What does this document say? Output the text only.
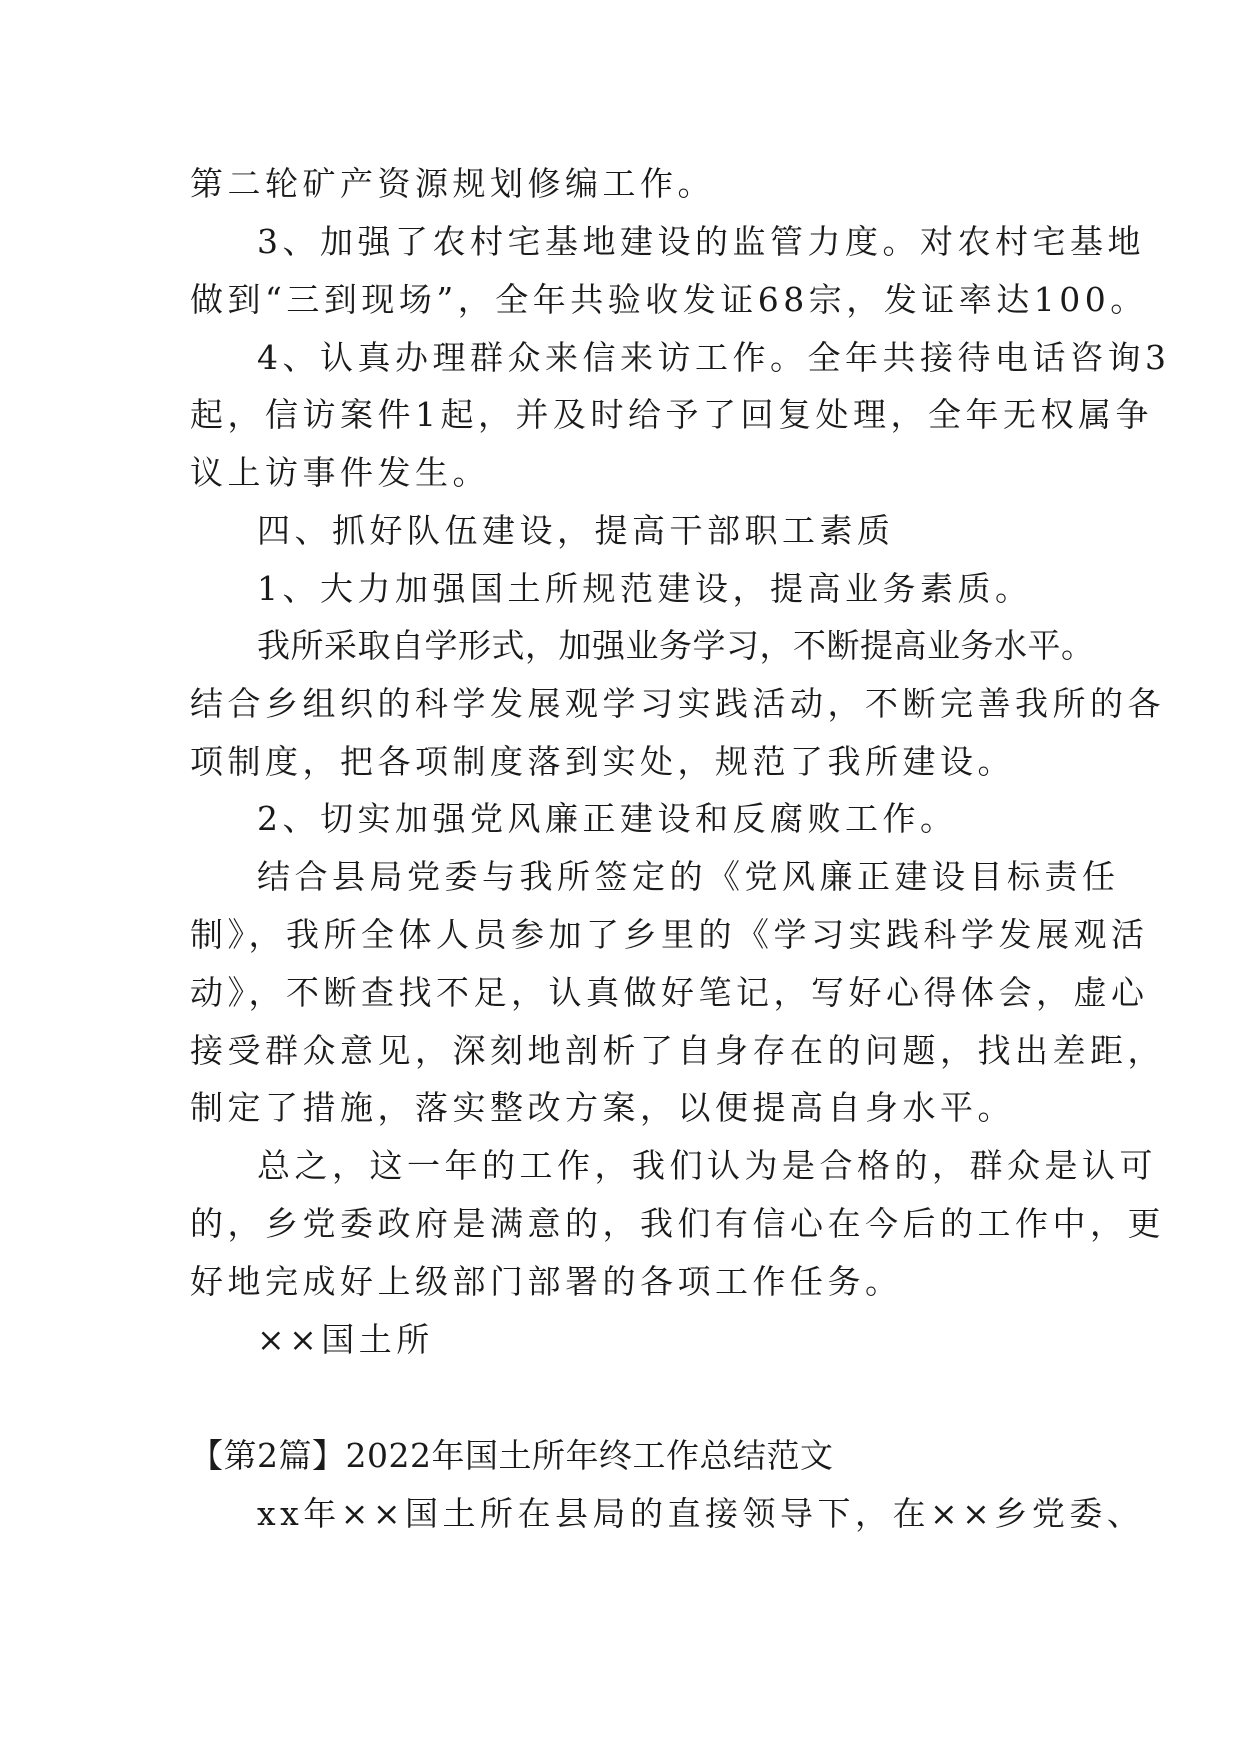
第二轮矿产资源规划修编工作。
3、加强了农村宅基地建设的监管力度。对农村宅基地
做到“三到现场”，全年共验收发证68宗，发证率达100。
4、认真办理群众来信来访工作。全年共接待电话咨询3
起，信访案件1起，并及时给予了回复处理，全年无权属争
议上访事件发生。
四、抓好队伍建设，提高干部职工素质
1、大力加强国土所规范建设，提高业务素质。
我所采取自学形式，加强业务学习，不断提高业务水平。
结合乡组织的科学发展观学习实践活动，不断完善我所的各
项制度，把各项制度落到实处，规范了我所建设。
2、切实加强党风廉正建设和反腐败工作。
结合县局党委与我所签定的《党风廉正建设目标责任
制》，我所全体人员参加了乡里的《学习实践科学发展观活
动》，不断查找不足，认真做好笔记，写好心得体会，虚心
接受群众意见，深刻地剖析了自身存在的问题，找出差距，
制定了措施，落实整改方案，以便提高自身水平。
总之，这一年的工作，我们认为是合格的，群众是认可
的，乡党委政府是满意的，我们有信心在今后的工作中，更
好地完成好上级部门部署的各项工作任务。
××国土所
【第2篇】2022年国土所年终工作总结范文
xx年××国土所在县局的直接领导下，在××乡党委、
